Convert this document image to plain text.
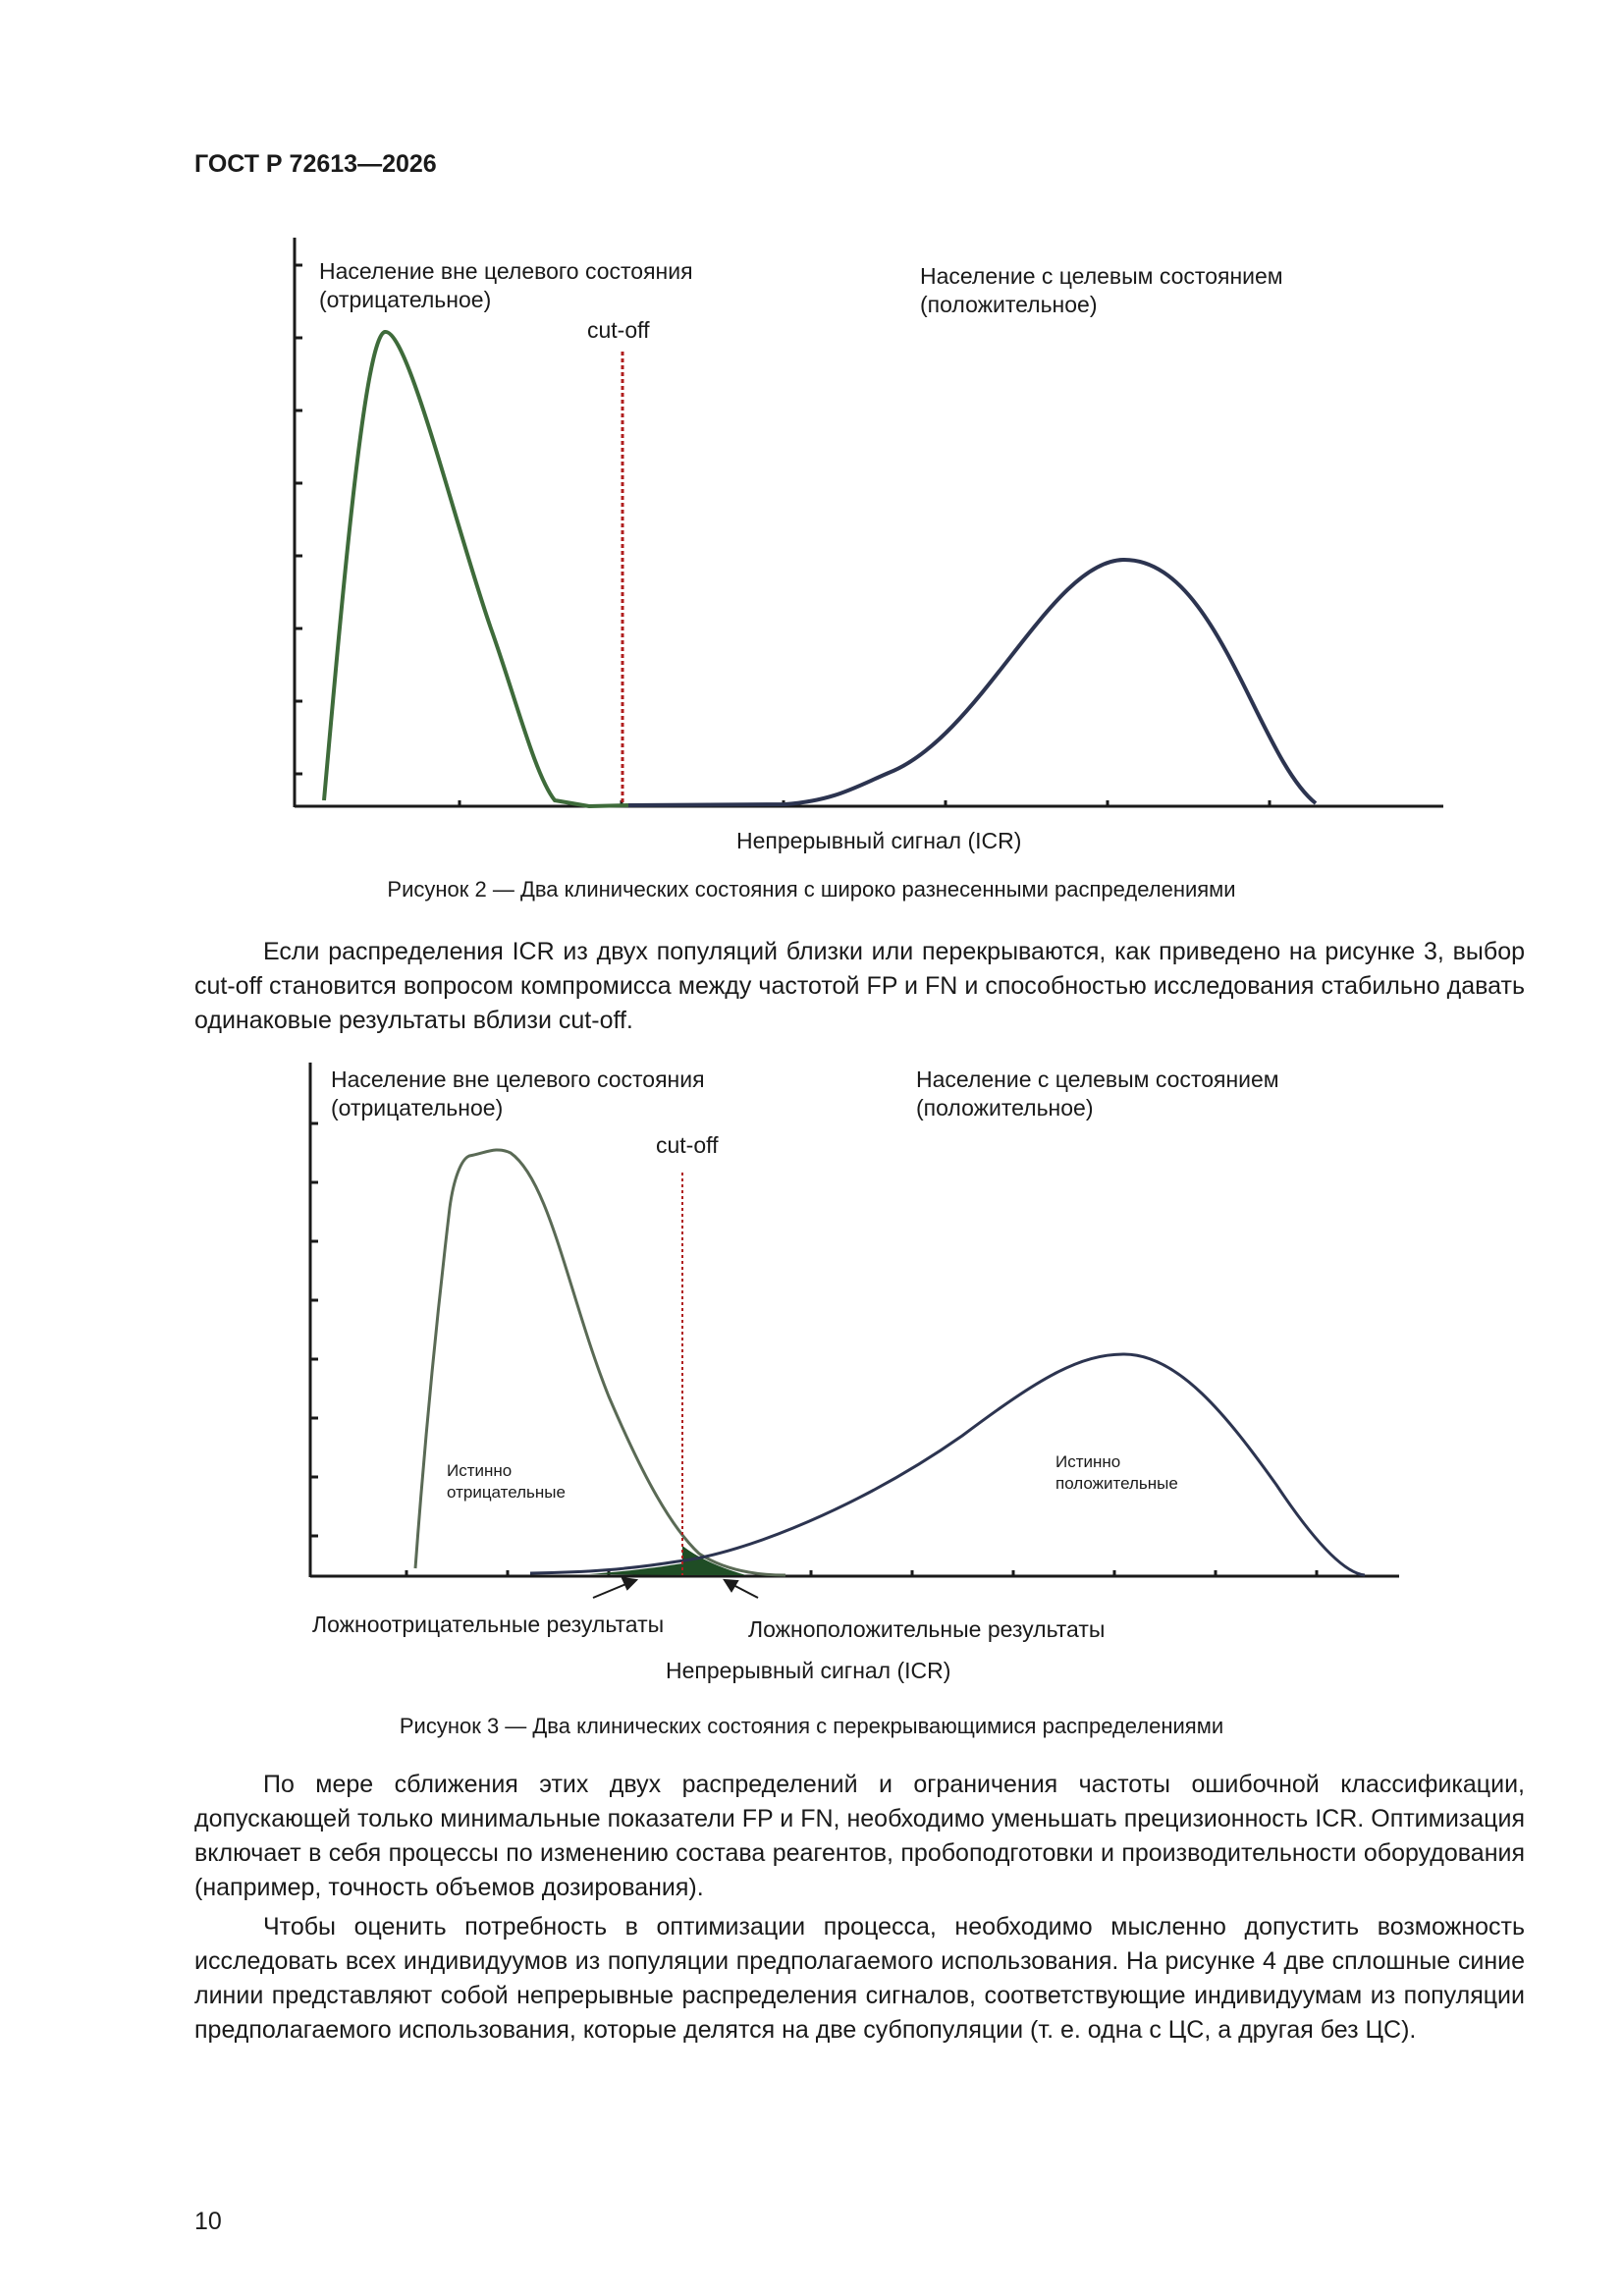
ГОСТ Р 72613—2026
Население вне целевого состояния
(отрицательное)
Население с целевым состоянием
(положительное)
cut-off
Непрерывный сигнал (ICR)
Рисунок 2 — Два клинических состояния с широко разнесенными распределениями

Если распределения ICR из двух популяций близки или перекрываются, как приведено на рисунке 3, выбор cut-off становится вопросом компромисса между частотой FP и FN и способностью исследования стабильно давать одинаковые результаты вблизи cut-off.

Население вне целевого состояния
(отрицательное)
Население с целевым состоянием
(положительное)
cut-off
Истинно
отрицательные
Истинно
положительные
Ложноотрицательные результаты	Ложноположительные результаты
Непрерывный сигнал (ICR)
Рисунок 3 — Два клинических состояния с перекрывающимися распределениями

По мере сближения этих двух распределений и ограничения частоты ошибочной классификации, допускающей только минимальные показатели FP и FN, необходимо уменьшать прецизионность ICR. Оптимизация включает в себя процессы по изменению состава реагентов, пробоподготовки и производительности оборудования (например, точность объемов дозирования).

Чтобы оценить потребность в оптимизации процесса, необходимо мысленно допустить возможность исследовать всех индивидуумов из популяции предполагаемого использования. На рисунке 4 две сплошные синие линии представляют собой непрерывные распределения сигналов, соответствующие индивидуумам из популяции предполагаемого использования, которые делятся на две субпопуляции (т. е. одна с ЦС, а другая без ЦС).

10
